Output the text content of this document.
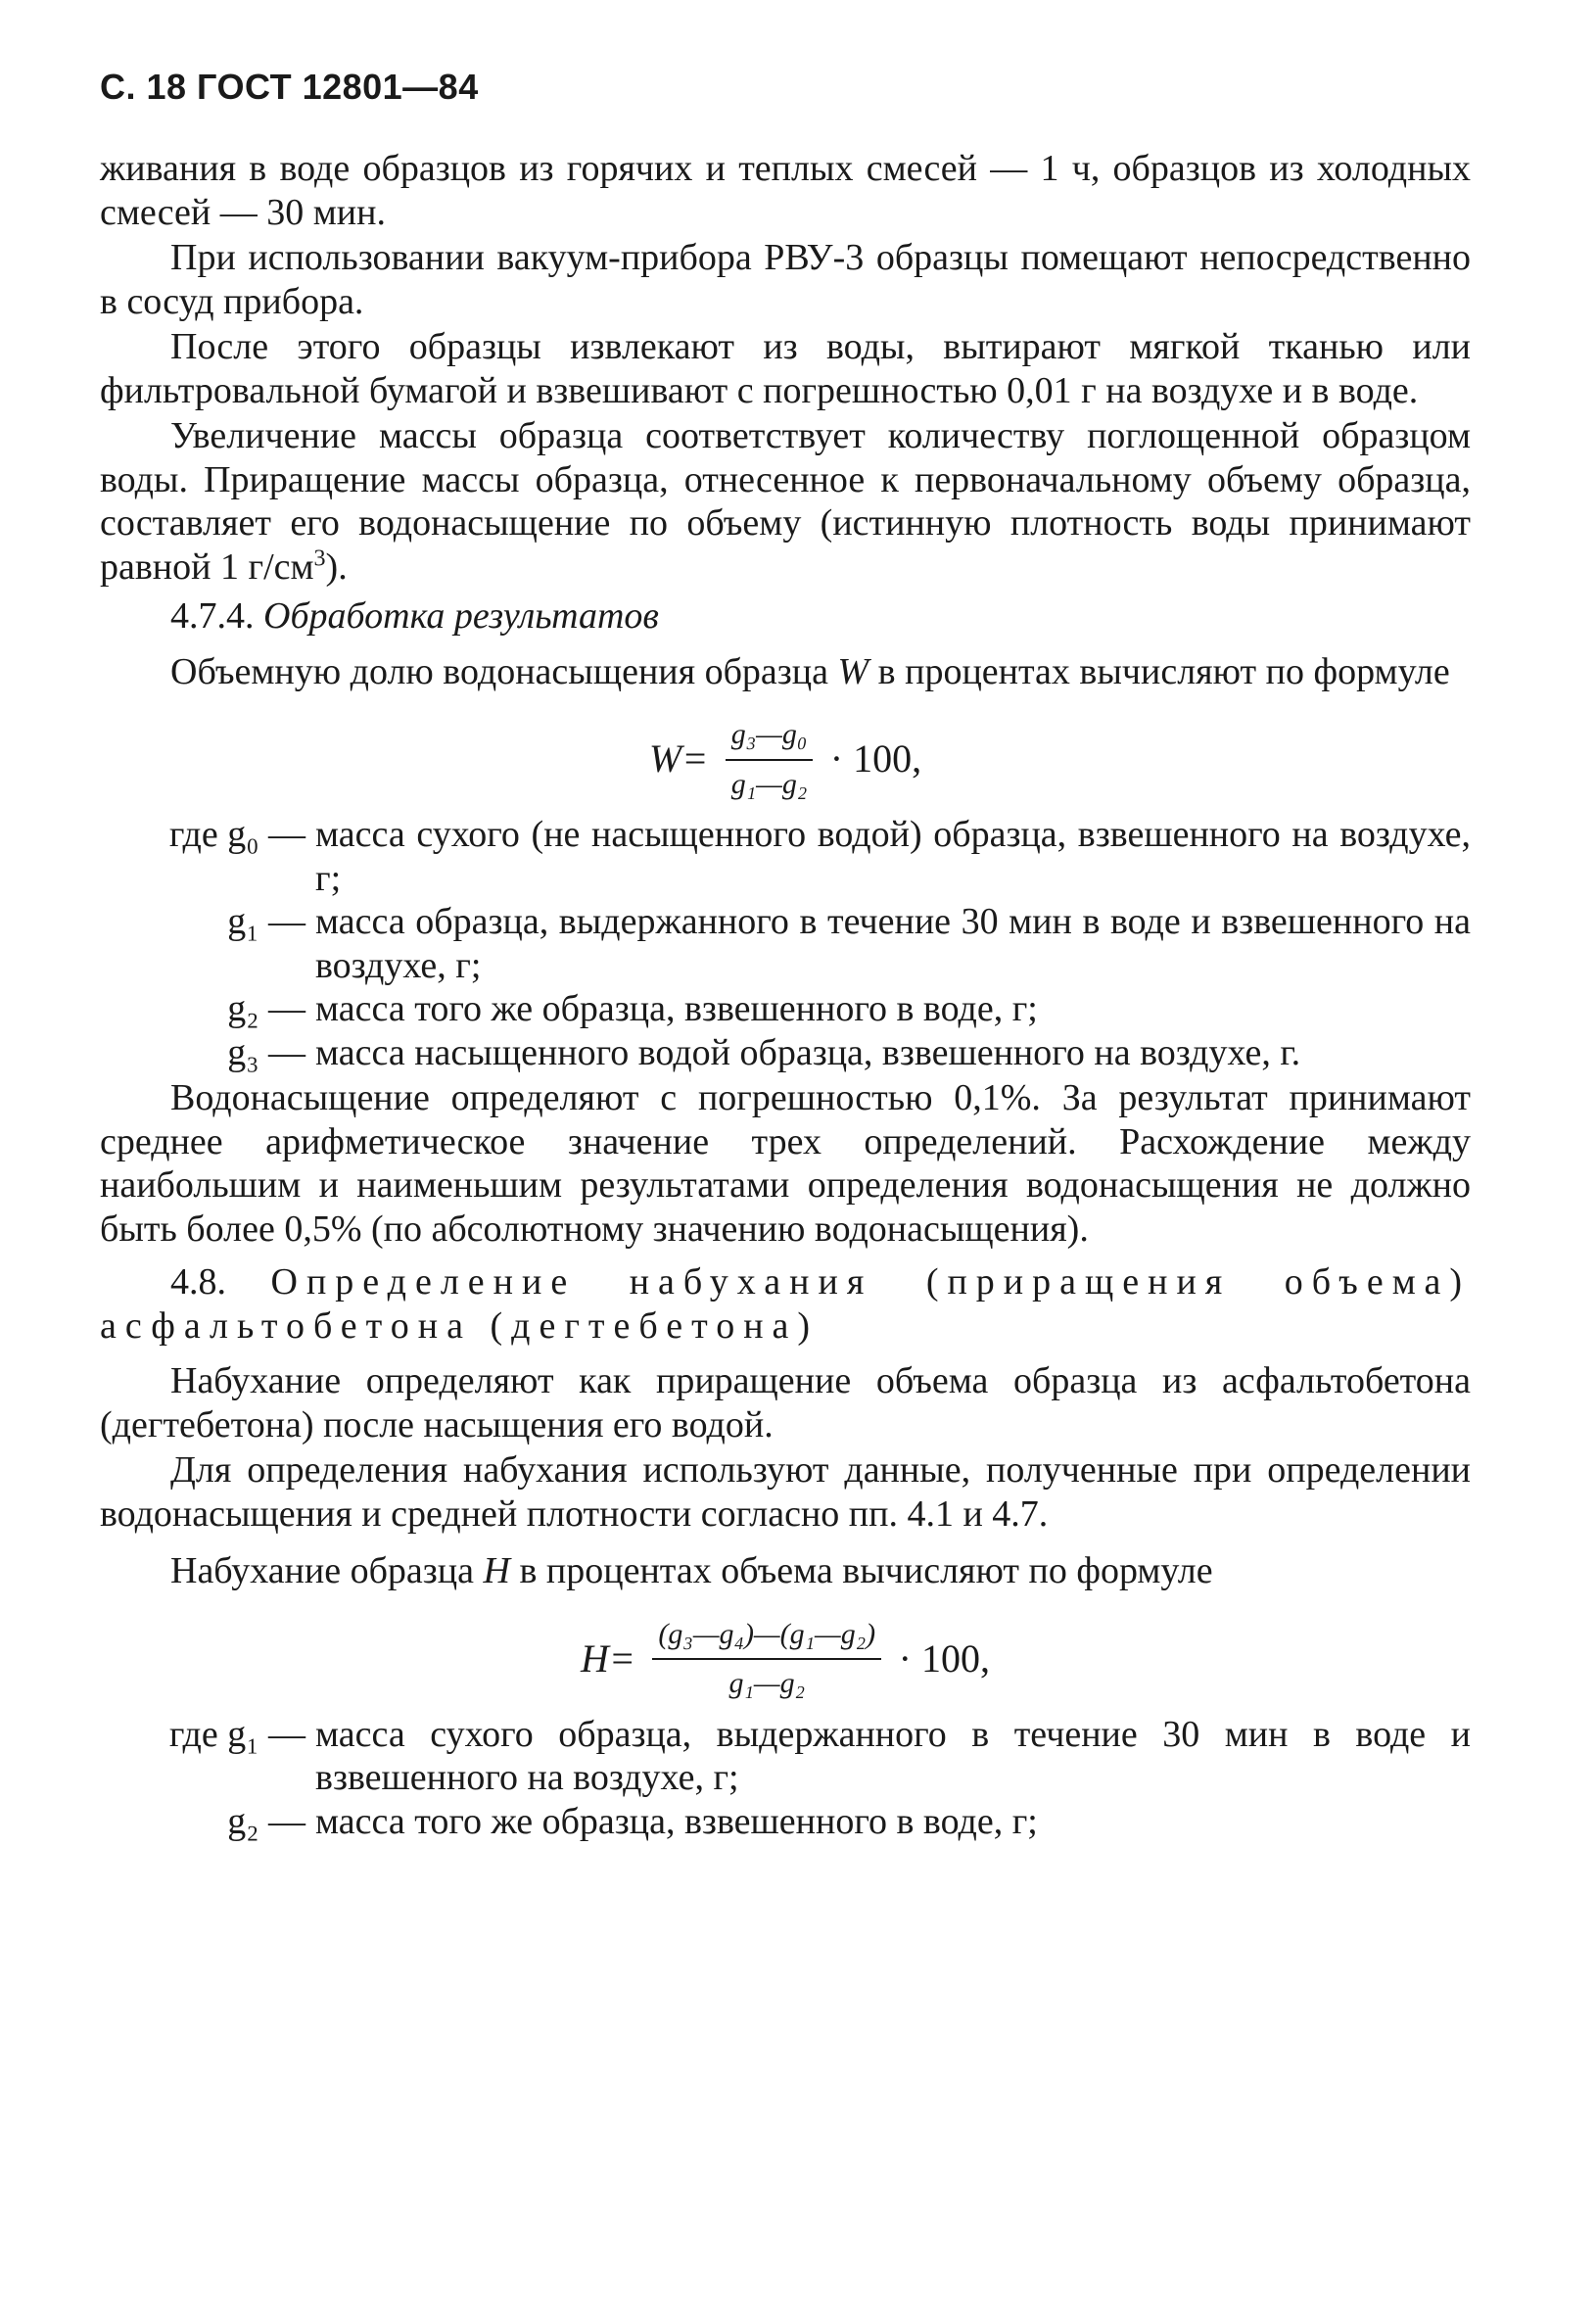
С. 18 ГОСТ 12801—84

живания в воде образцов из горячих и теплых смесей — 1 ч, образцов из холодных смесей — 30 мин.

При использовании вакуум-прибора РВУ-3 образцы помещают непосредственно в сосуд прибора.

После этого образцы извлекают из воды, вытирают мягкой тканью или фильтровальной бумагой и взвешивают с погрешностью 0,01 г на воздухе и в воде.

Увеличение массы образца соответствует количеству поглощенной образцом воды. Приращение массы образца, отнесенное к первоначальному объему образца, составляет его водонасыщение по объему (истинную плотность воды принимают равной 1 $г/см^3$).

4.7.4. Обработка результатов

Объемную долю водонасыщения образца W в процентах вычисляют по формуле

$W= \frac{\text{g₃—g₀}}{\text{g₁—g₂}} \cdot 100$,
где g₀ — масса сухого (не насыщенного водой) образца, взвешенного на воздухе, г;
g₁ — масса образца, выдержанного в течение 30 мин в воде и взвешенного на воздухе, г;
g₂ — масса того же образца, взвешенного в воде, г;
g₃ — масса насыщенного водой образца, взвешенного на воздухе, г.

Водонасыщение определяют с погрешностью 0,1%. За результат принимают среднее арифметическое значение трех определений. Расхождение между наибольшим и наименьшим результатами определения водонасыщения не должно быть более 0,5% (по абсолютному значению водонасыщения).

4.8. Определение набухания (приращения объема) асфальтобетона (дегтебетона)

Набухание определяют как приращение объема образца из асфальтобетона (дегтебетона) после насыщения его водой.

Для определения набухания используют данные, полученные при определении водонасыщения и средней плотности согласно пп. 4.1 и 4.7.

Набухание образца H в процентах объема вычисляют по формуле

$H= \frac{\text{(g₃—g₄)—(g₁—g₂)}}{\text{g₁—g₂}} \cdot 100$,
где g₁ — масса сухого образца, выдержанного в течение 30 мин в воде и взвешенного на воздухе, г;
g₂ — масса того же образца, взвешенного в воде, г;
